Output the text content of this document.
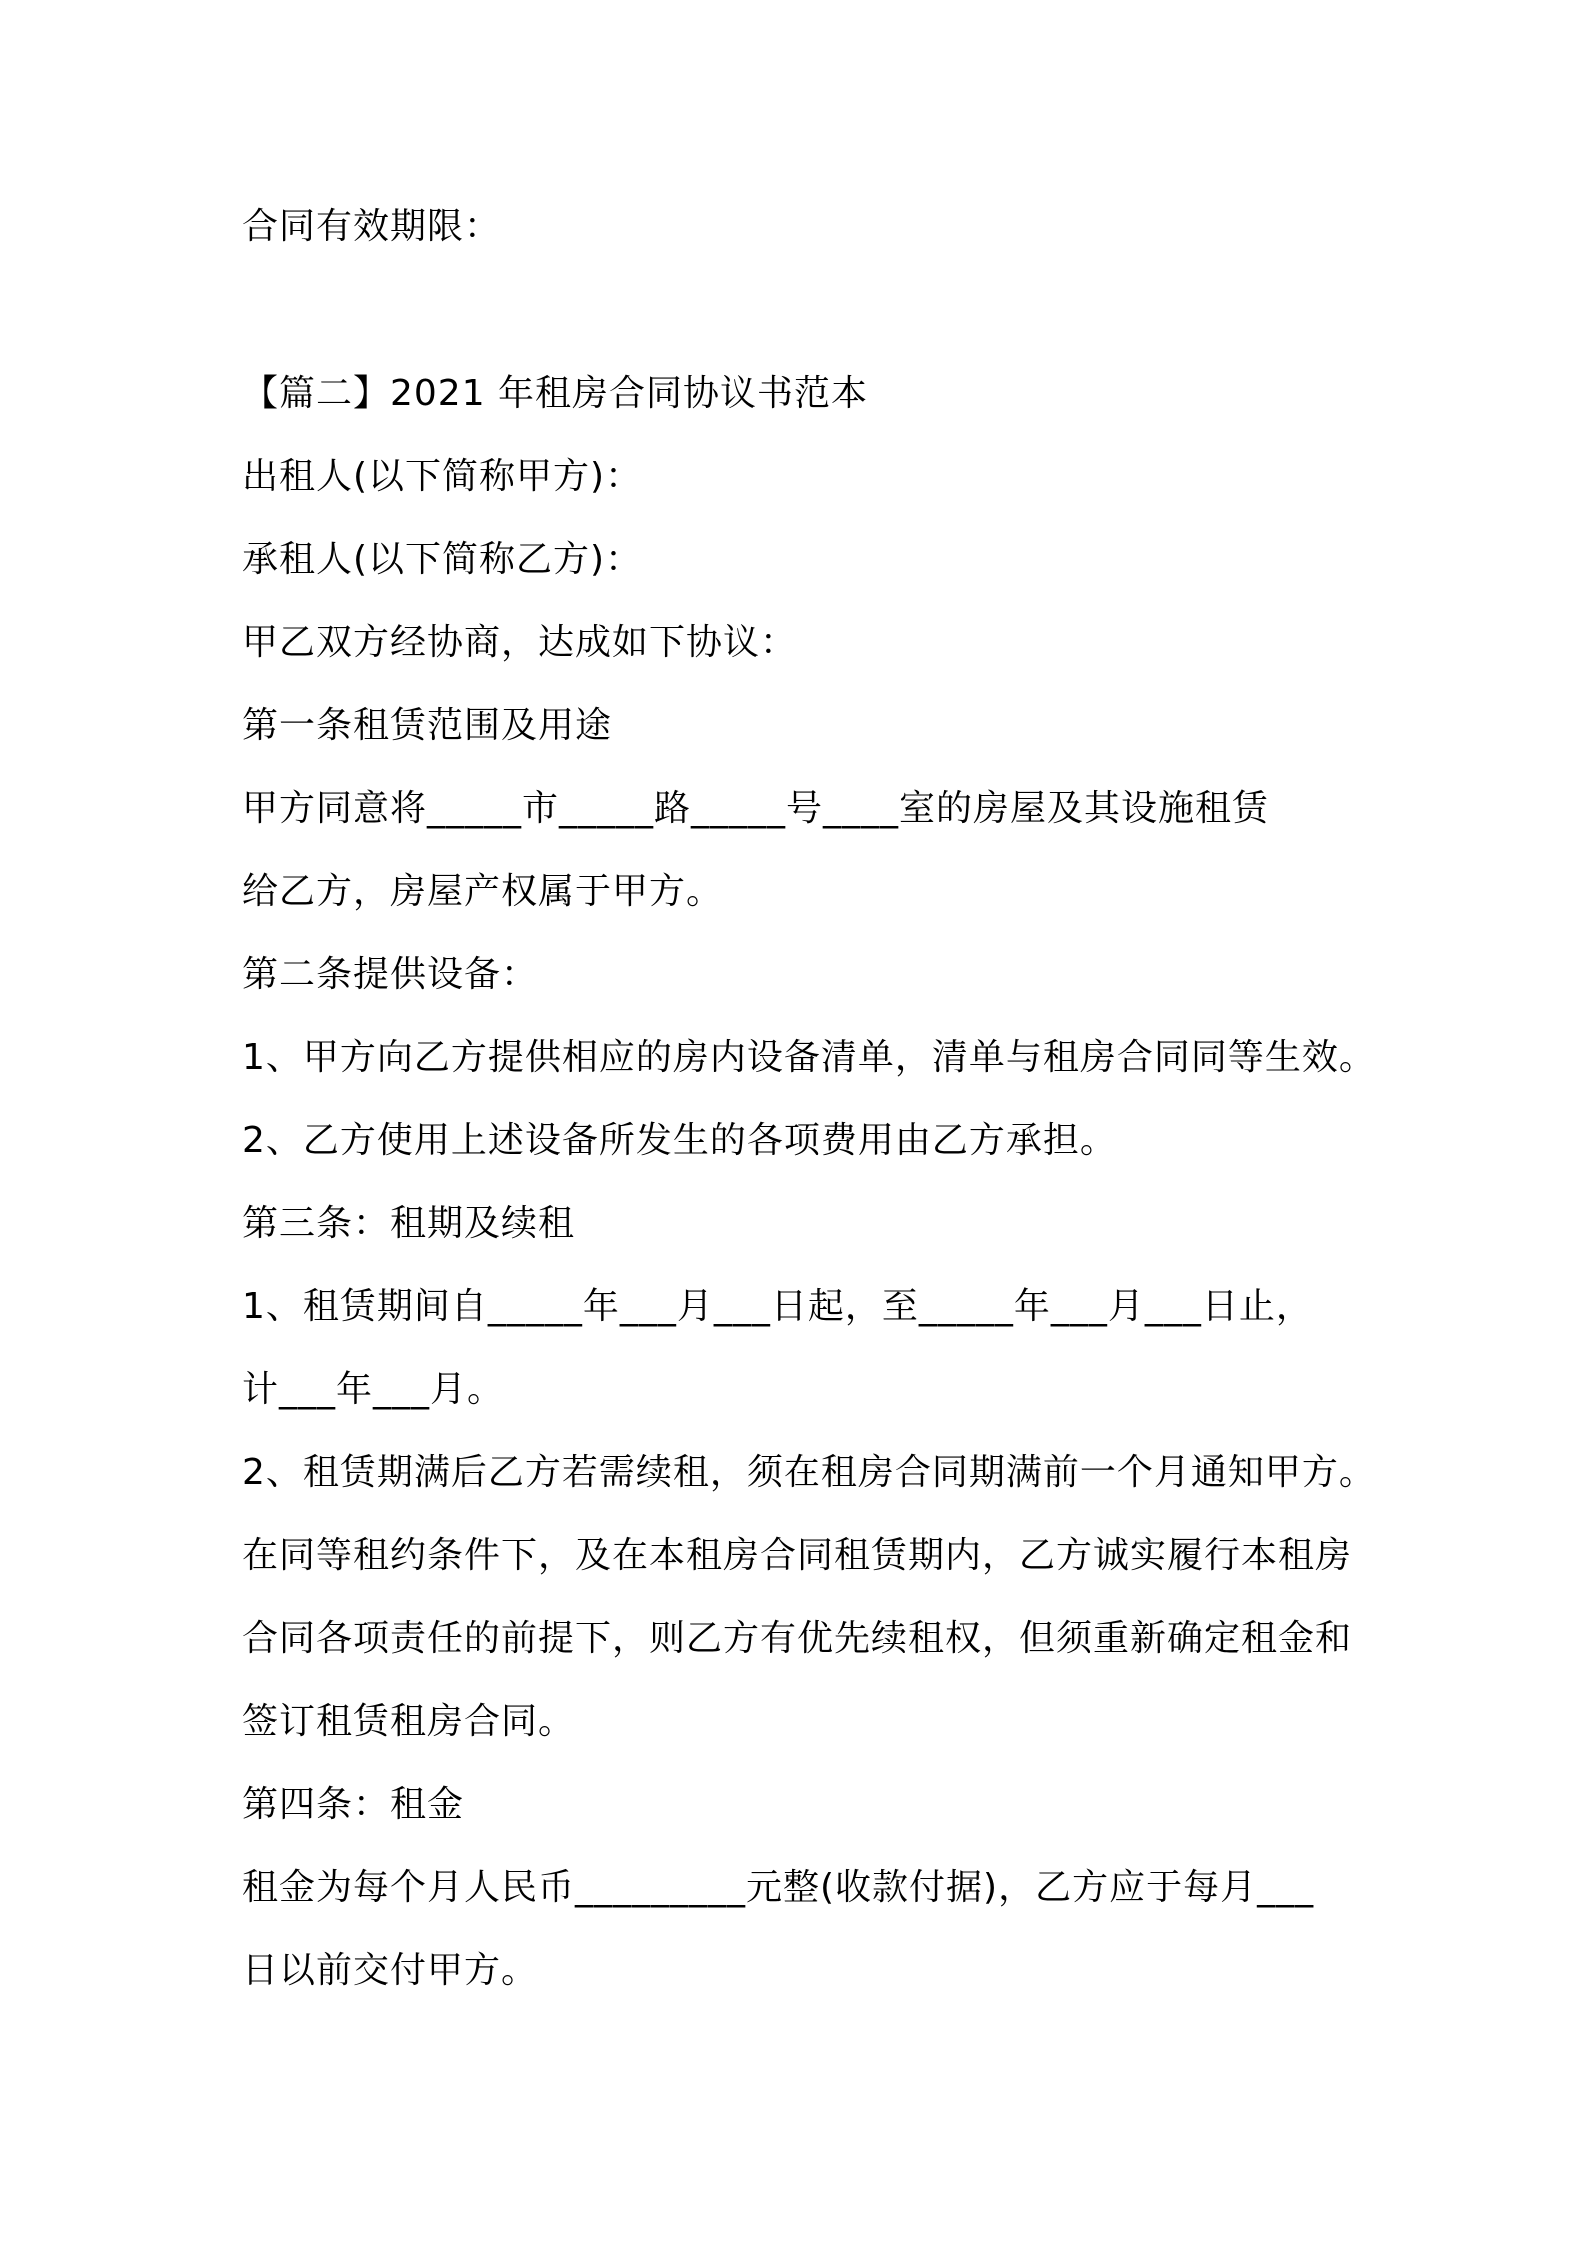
合同有效期限：
【篇二】2021 年租房合同协议书范本
出租人(以下简称甲方)：
承租人(以下简称乙方)：
甲乙双方经协商，达成如下协议：
第一条租赁范围及用途
甲方同意将_____市_____路_____号____室的房屋及其设施租赁
给乙方，房屋产权属于甲方。
第二条提供设备：
1、甲方向乙方提供相应的房内设备清单，清单与租房合同同等生效。
2、乙方使用上述设备所发生的各项费用由乙方承担。
第三条：租期及续租
1、租赁期间自_____年___月___日起，至_____年___月___日止，
计___年___月。
2、租赁期满后乙方若需续租，须在租房合同期满前一个月通知甲方。
在同等租约条件下，及在本租房合同租赁期内，乙方诚实履行本租房
合同各项责任的前提下，则乙方有优先续租权，但须重新确定租金和
签订租赁租房合同。
第四条：租金
租金为每个月人民币_________元整(收款付据)，乙方应于每月___
日以前交付甲方。
